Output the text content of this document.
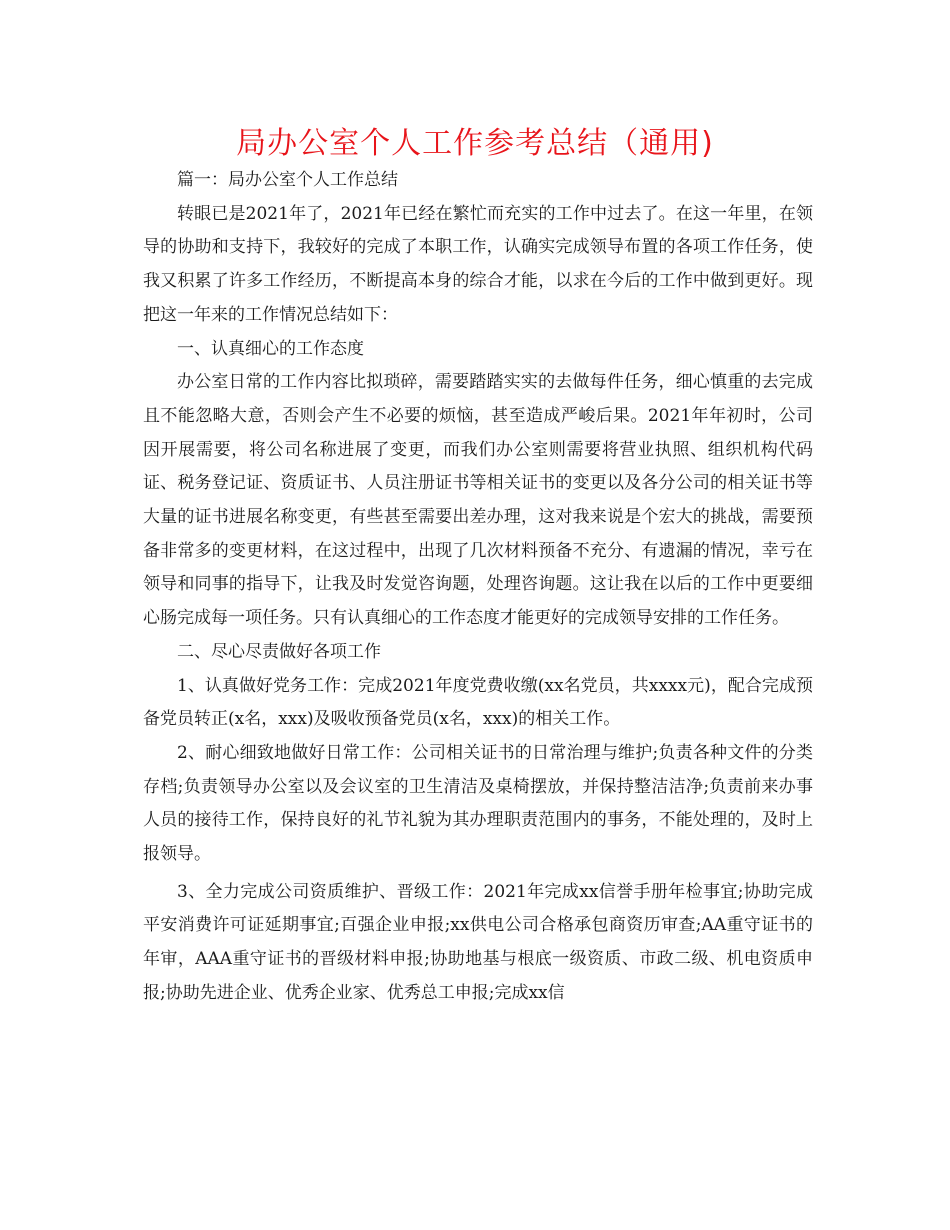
局办公室个人工作参考总结（通用)

篇一：局办公室个人工作总结

转眼已是2021年了，2021年已经在繁忙而充实的工作中过去了。在这一年里，在领导的协助和支持下，我较好的完成了本职工作，认确实完成领导布置的各项工作任务，使我又积累了许多工作经历，不断提高本身的综合才能，以求在今后的工作中做到更好。现把这一年来的工作情况总结如下：

一、认真细心的工作态度

办公室日常的工作内容比拟琐碎，需要踏踏实实的去做每件任务，细心慎重的去完成且不能忽略大意，否则会产生不必要的烦恼，甚至造成严峻后果。2021年年初时，公司因开展需要，将公司名称进展了变更，而我们办公室则需要将营业执照、组织机构代码证、税务登记证、资质证书、人员注册证书等相关证书的变更以及各分公司的相关证书等大量的证书进展名称变更，有些甚至需要出差办理，这对我来说是个宏大的挑战，需要预备非常多的变更材料，在这过程中，出现了几次材料预备不充分、有遗漏的情况，幸亏在领导和同事的指导下，让我及时发觉咨询题，处理咨询题。这让我在以后的工作中更要细心肠完成每一项任务。只有认真细心的工作态度才能更好的完成领导安排的工作任务。

二、尽心尽责做好各项工作

1、认真做好党务工作：完成2021年度党费收缴(xx名党员，共xxxx元)，配合完成预备党员转正(x名，xxx)及吸收预备党员(x名，xxx)的相关工作。

2、耐心细致地做好日常工作：公司相关证书的日常治理与维护;负责各种文件的分类存档;负责领导办公室以及会议室的卫生清洁及桌椅摆放，并保持整洁洁净;负责前来办事人员的接待工作，保持良好的礼节礼貌为其办理职责范围内的事务，不能处理的，及时上报领导。

3、全力完成公司资质维护、晋级工作：2021年完成xx信誉手册年检事宜;协助完成平安消费许可证延期事宜;百强企业申报;xx供电公司合格承包商资历审查;AA重守证书的年审，AAA重守证书的晋级材料申报;协助地基与根底一级资质、市政二级、机电资质申报;协助先进企业、优秀企业家、优秀总工申报;完成xx信
